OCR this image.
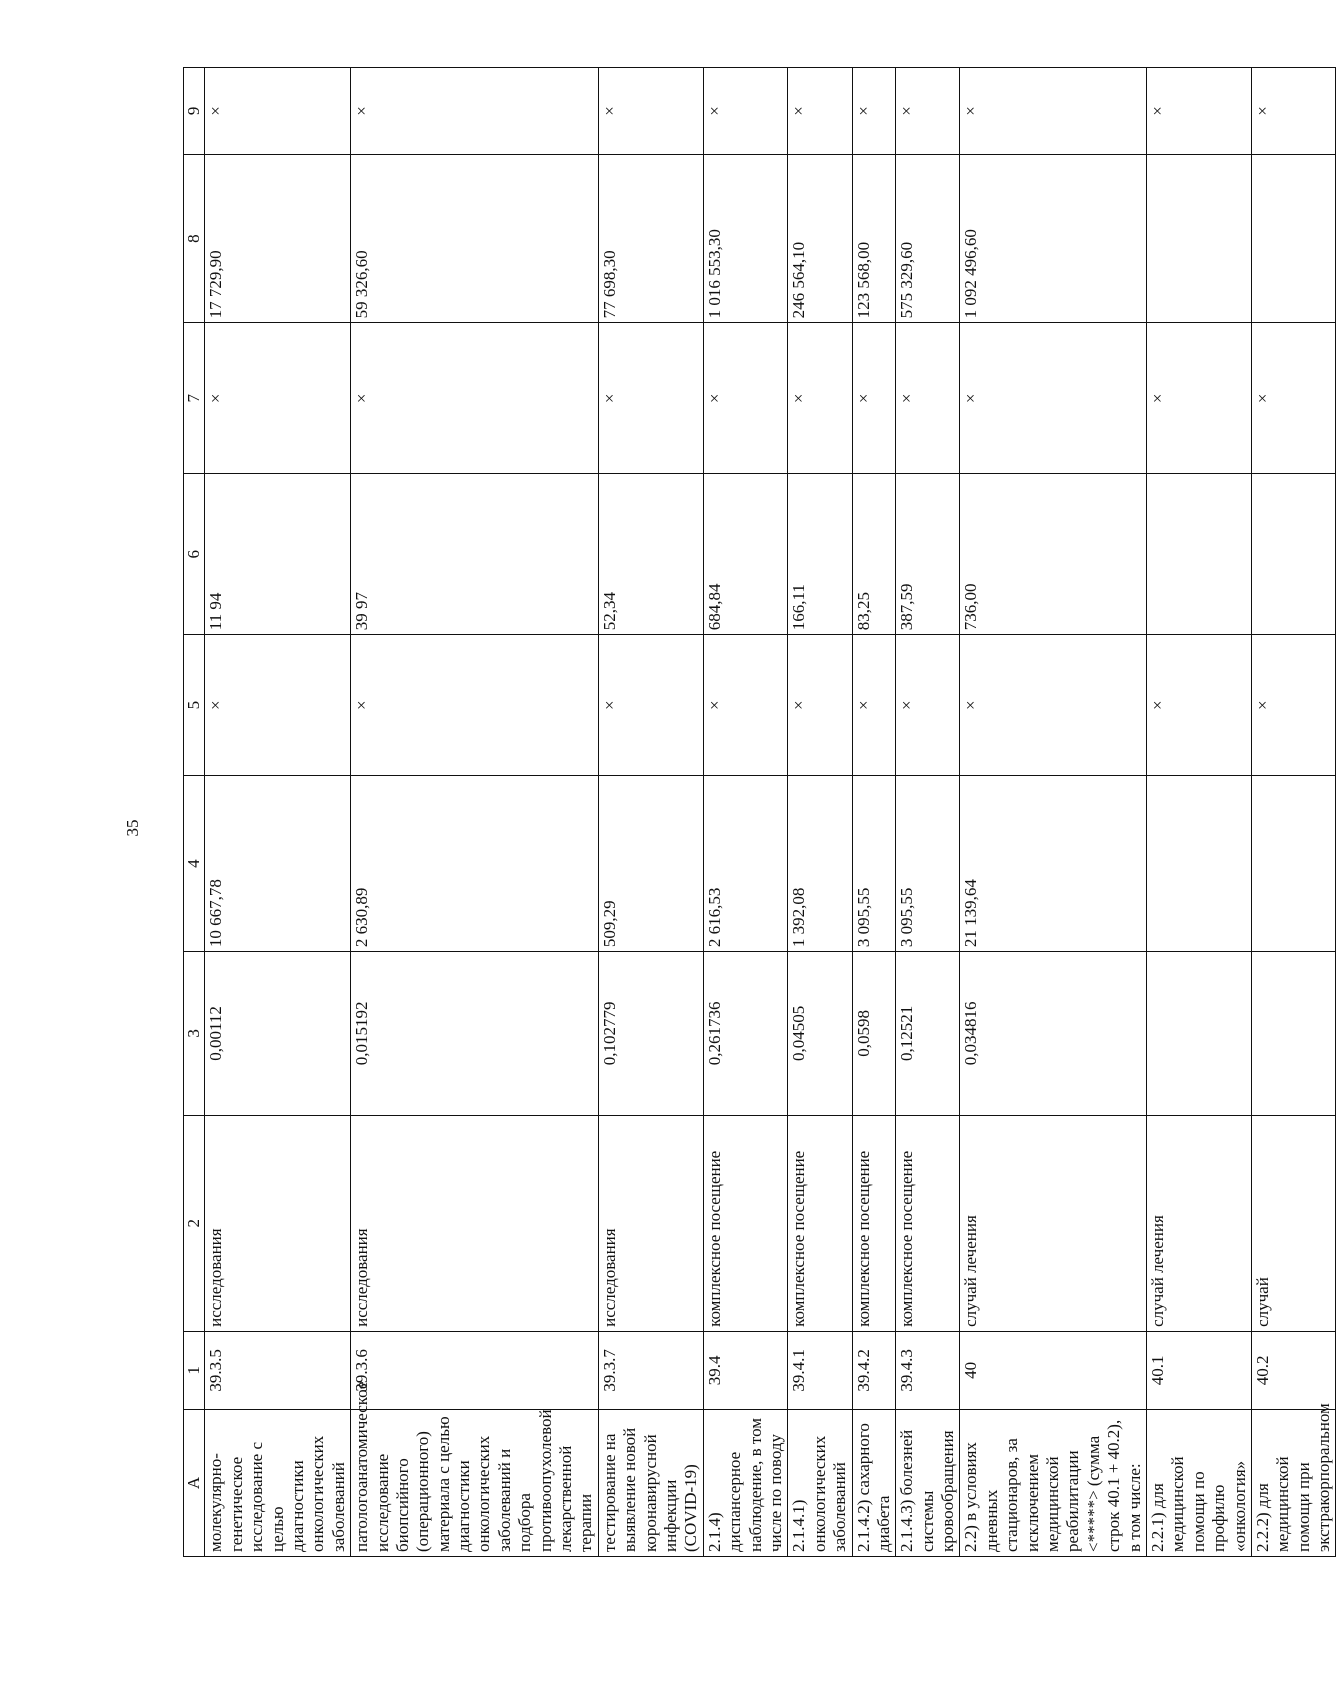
35
А	1	2	3	4	5	6	7	8	9
молекулярно-генетическое исследование с целью диагностики онкологических заболеваний	39.3.5	исследования	0,00112	10 667,78	×	11 94	×	17 729,90	×
патологоанатомическое исследование биопсийного (операционного) материала с целью диагностики онкологических заболеваний и подбора противоопухолевой лекарственной терапии	39.3.6	исследования	0,015192	2 630,89	×	39 97	×	59 326,60	×
тестирование на выявление новой коронавирусной инфекции (COVID-19)	39.3.7	исследования	0,102779	509,29	×	52,34	×	77 698,30	×
2.1.4) диспансерное наблюдение, в том числе по поводу	39.4	комплексное посещение	0,261736	2 616,53	×	684,84	×	1 016 553,30	×
2.1.4.1) онкологических заболеваний	39.4.1	комплексное посещение	0,04505	1 392,08	×	166,11	×	246 564,10	×
2.1.4.2) сахарного диабета	39.4.2	комплексное посещение	0,0598	3 095,55	×	83,25	×	123 568,00	×
2.1.4.3) болезней системы кровообращения	39.4.3	комплексное посещение	0,12521	3 095,55	×	387,59	×	575 329,60	×
2.2) в условиях дневных стационаров, за исключением медицинской реабилитации <*****> (сумма строк 40.1 + 40.2), в том числе:	40	случай лечения	0,034816	21 139,64	×	736,00	×	1 092 496,60	×
2.2.1) для медицинской помощи по профилю «онкология»	40.1	случай лечения			×		×		×
2.2.2) для медицинской помощи при экстракорпоральном	40.2	случай			×		×		×
